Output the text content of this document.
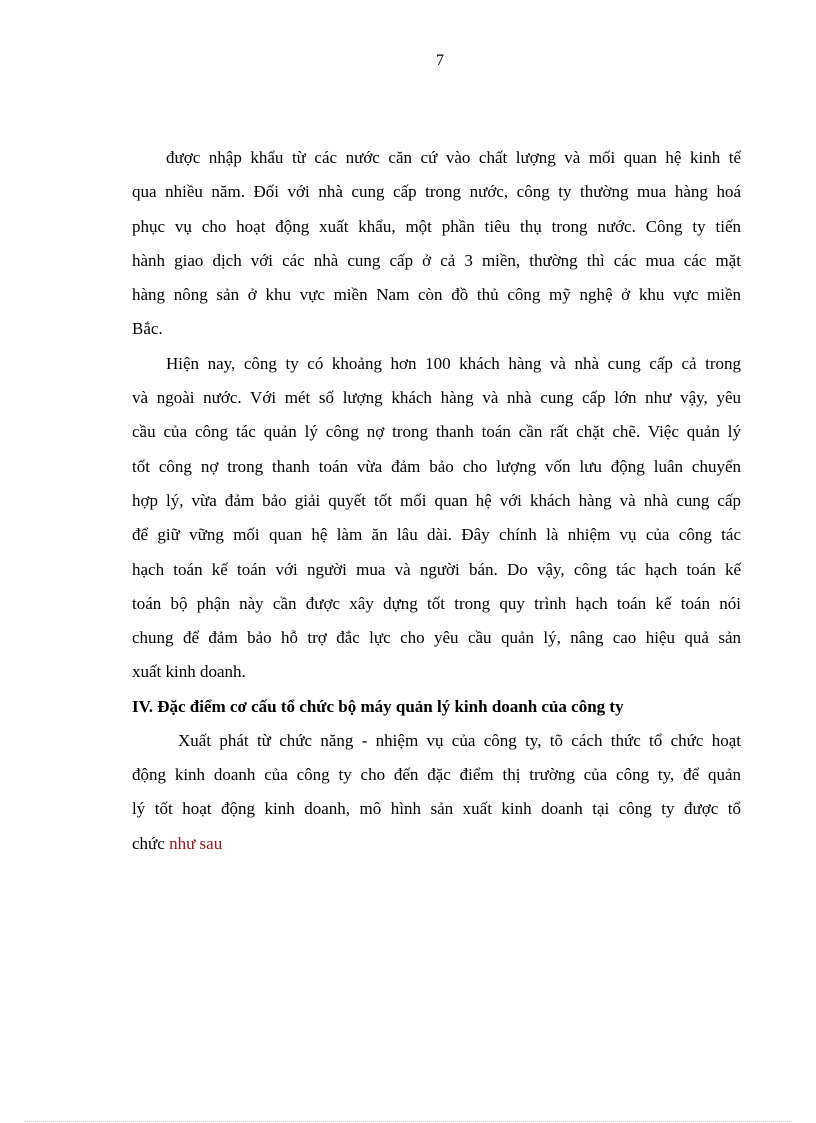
7

được nhập khẩu từ các nước căn cứ vào chất lượng và mối quan hệ kinh tế
qua nhiều năm. Đối với nhà cung cấp trong nước, công ty thường mua hàng hoá
phục vụ cho hoạt động xuất khẩu, một phần tiêu thụ trong nước. Công ty tiến
hành giao dịch với các nhà cung cấp ở cả 3 miền, thường thì các mua các mặt
hàng nông sản ở khu vực miền Nam còn đồ thủ công mỹ nghệ ở khu vực miền
Bắc.

Hiện nay, công ty có khoảng hơn 100 khách hàng và nhà cung cấp cả trong
và ngoài nước. Với mét số lượng khách hàng và nhà cung cấp lớn như vậy, yêu
cầu của công tác quản lý công nợ trong thanh toán cần rất chặt chẽ. Việc quản lý
tốt công nợ trong thanh toán vừa đảm bảo cho lượng vốn lưu động luân chuyển
hợp lý, vừa đảm bảo giải quyết tốt mối quan hệ với khách hàng và nhà cung cấp
để giữ vững mối quan hệ làm ăn lâu dài. Đây chính là nhiệm vụ của công tác
hạch toán kế toán với người mua và người bán. Do vậy, công tác hạch toán kế
toán bộ phận này cần được xây dựng tốt trong quy trình hạch toán kế toán nói
chung để đảm bảo hỗ trợ đắc lực cho yêu cầu quản lý, nâng cao hiệu quả sản
xuất kinh doanh.

IV. Đặc điểm cơ cấu tổ chức bộ máy quản lý kinh doanh của công ty

Xuất phát từ chức năng - nhiệm vụ của công ty, tõ cách thức tổ chức hoạt
động kinh doanh của công ty cho đến đặc điểm thị trường của công ty, để quản
lý tốt hoạt động kinh doanh, mô hình sản xuất kinh doanh tại công ty được tổ
chức như sau
